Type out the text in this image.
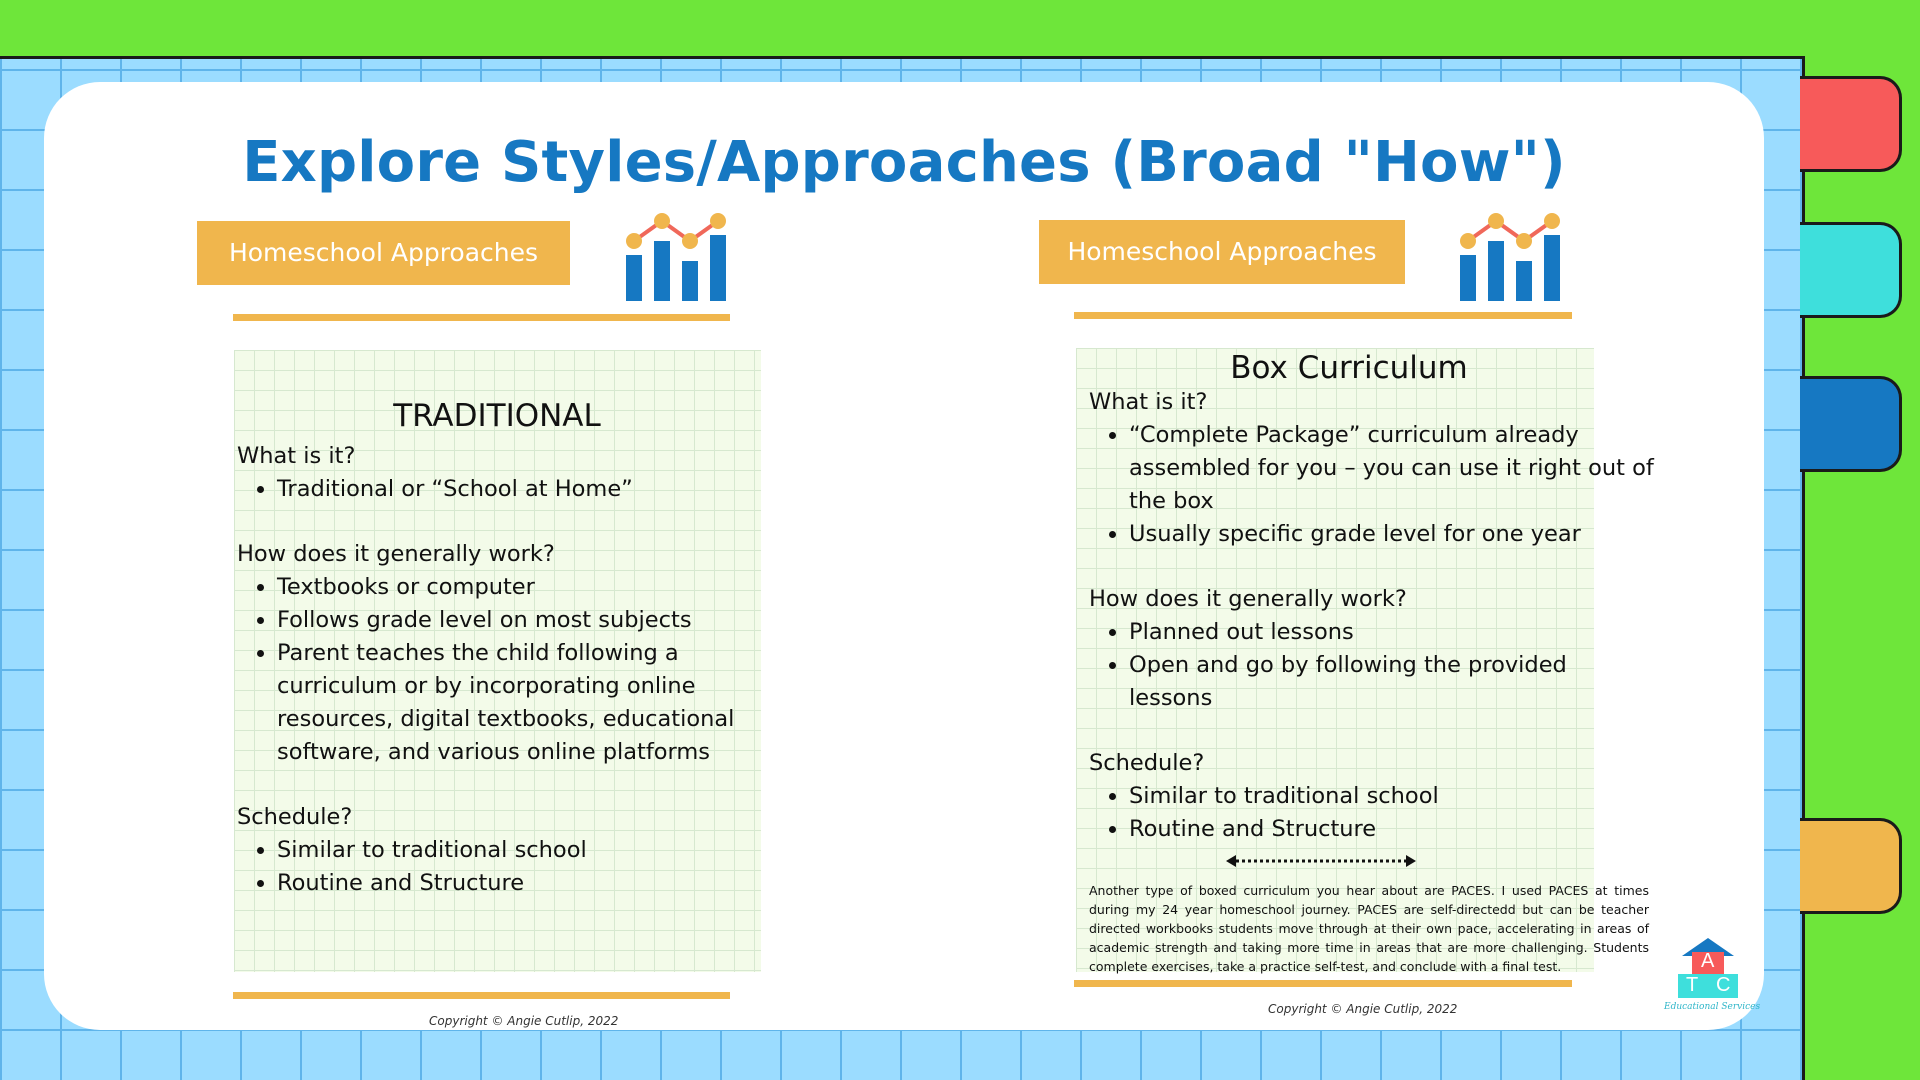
Explore Styles/Approaches (Broad "How")
Homeschool Approaches
TRADITIONAL

What is it?

• Traditional or “School at Home”

How does it generally work?

• Textbooks or computer
• Follows grade level on most subjects
• Parent teaches the child following a curriculum or by incorporating online resources, digital textbooks, educational software, and various online platforms

Schedule?

• Similar to traditional school
• Routine and Structure
Copyright © Angie Cutlip, 2022
Homeschool Approaches
Box Curriculum

What is it?

• “Complete Package” curriculum already assembled for you – you can use it right out of the box
• Usually specific grade level for one year

How does it generally work?

• Planned out lessons
• Open and go by following the provided lessons

Schedule?

• Similar to traditional school
• Routine and Structure

Another type of boxed curriculum you hear about are PACES. I used PACES at times during my 24 year homeschool journey. PACES are self-directedd but can be teacher directed workbooks students move through at their own pace, accelerating in areas of academic strength and taking more time in areas that are more challenging. Students complete exercises, take a practice self-test, and conclude with a final test.

Copyright © Angie Cutlip, 2022
A
T C
Educational Services
